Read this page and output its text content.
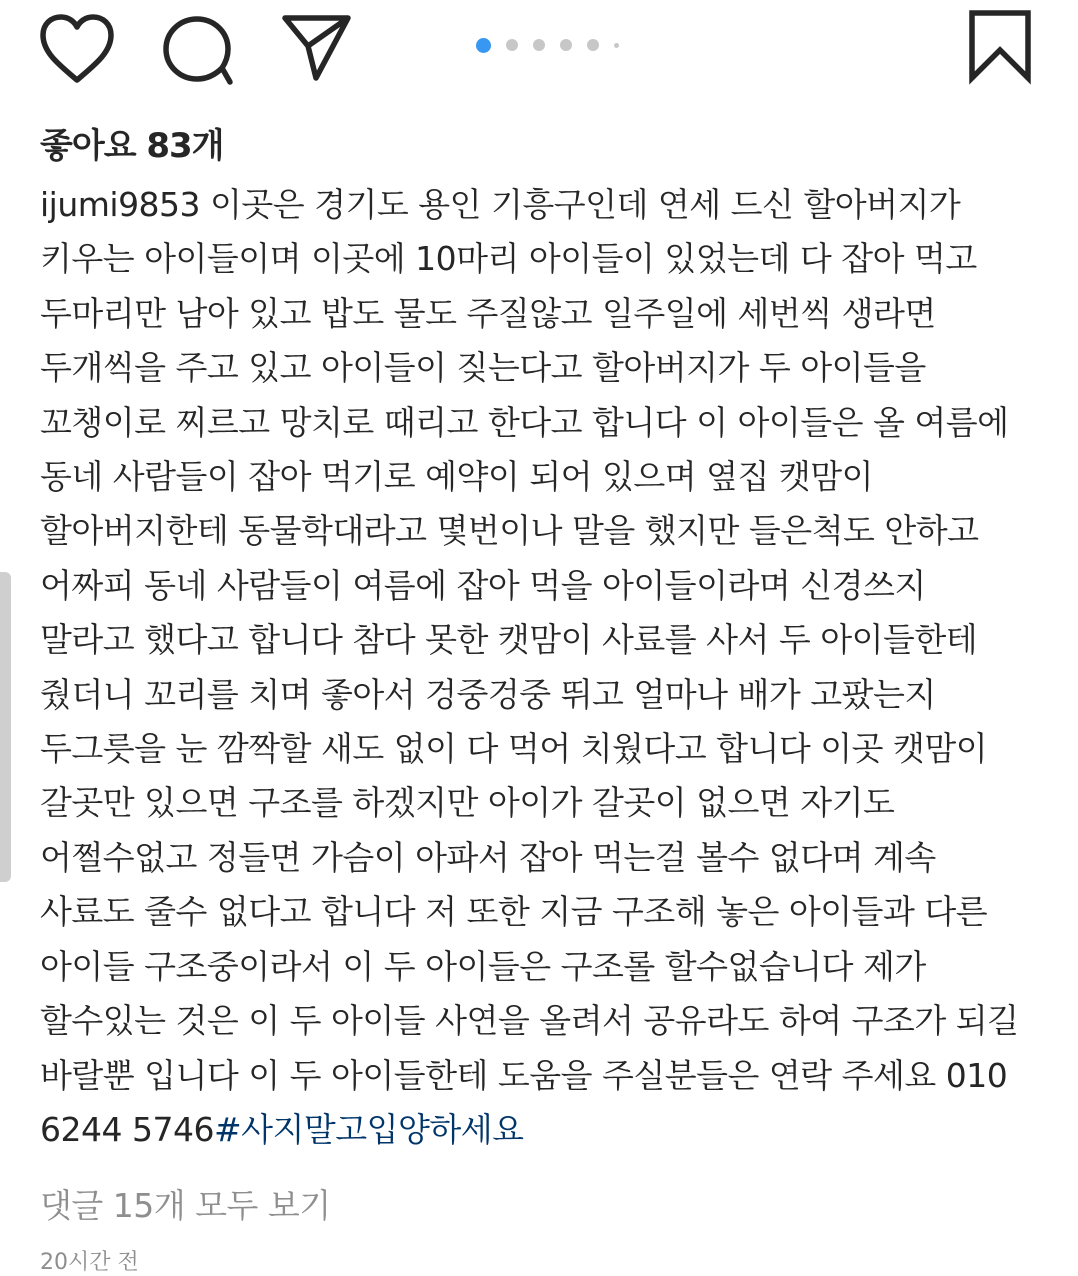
좋아요 83개
ijumi9853 이곳은 경기도 용인 기흥구인데 연세 드신 할아버지가
키우는 아이들이며 이곳에 10마리 아이들이 있었는데 다 잡아 먹고
두마리만 남아 있고 밥도 물도 주질않고 일주일에 세번씩 생라면
두개씩을 주고 있고 아이들이 짖는다고 할아버지가 두 아이들을
꼬챙이로 찌르고 망치로 때리고 한다고 합니다 이 아이들은 올 여름에
동네 사람들이 잡아 먹기로 예약이 되어 있으며 옆집 캣맘이
할아버지한테 동물학대라고 몇번이나 말을 했지만 들은척도 안하고
어짜피 동네 사람들이 여름에 잡아 먹을 아이들이라며 신경쓰지
말라고 했다고 합니다 참다 못한 캣맘이 사료를 사서 두 아이들한테
줬더니 꼬리를 치며 좋아서 겅중겅중 뛰고 얼마나 배가 고팠는지
두그릇을 눈 깜짝할 새도 없이 다 먹어 치웠다고 합니다 이곳 캣맘이
갈곳만 있으면 구조를 하겠지만 아이가 갈곳이 없으면 자기도
어쩔수없고 정들면 가슴이 아파서 잡아 먹는걸 볼수 없다며 계속
사료도 줄수 없다고 합니다 저 또한 지금 구조해 놓은 아이들과 다른
아이들 구조중이라서 이 두 아이들은 구조롤 할수없습니다 제가
할수있는 것은 이 두 아이들 사연을 올려서 공유라도 하여 구조가 되길
바랄뿐 입니다 이 두 아이들한테 도움을 주실분들은 연락 주세요 010
6244 5746#사지말고입양하세요
댓글 15개 모두 보기
20시간 전
